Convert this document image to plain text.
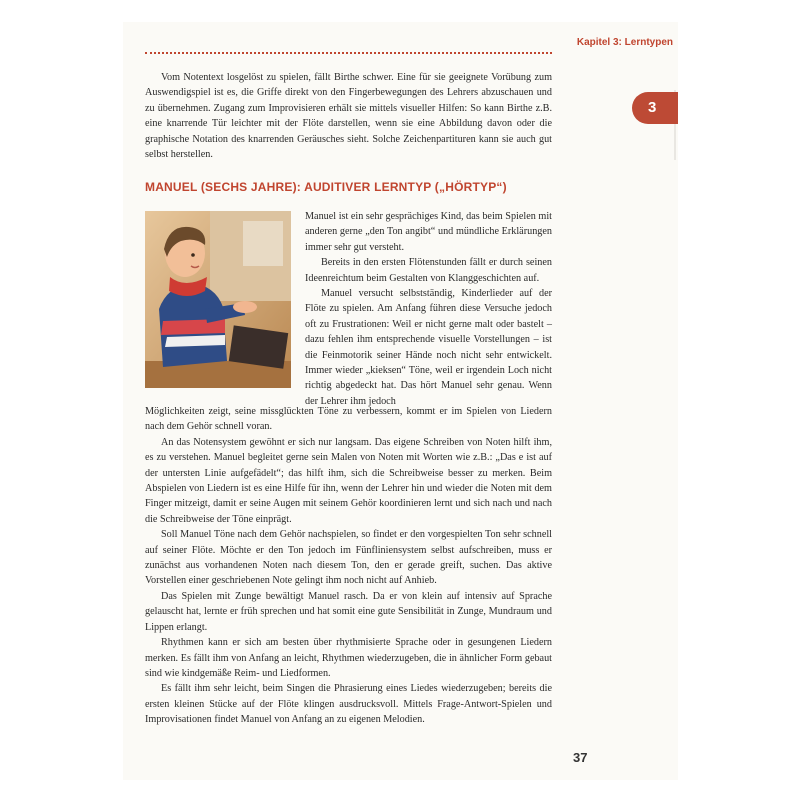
Kapitel 3: Lerntypen
3

Vom Notentext losgelöst zu spielen, fällt Birthe schwer. Eine für sie geeignete Vorübung zum Auswendigspiel ist es, die Griffe direkt von den Fingerbewegungen des Lehrers abzuschauen und zu übernehmen. Zugang zum Improvisieren erhält sie mittels visueller Hilfen: So kann Birthe z.B. eine knarrende Tür leichter mit der Flöte darstellen, wenn sie eine Abbildung davon oder die graphische Notation des knarrenden Geräusches sieht. Solche Zeichenpartituren kann sie auch gut selbst herstellen.

MANUEL (SECHS JAHRE): AUDITIVER LERNTYP („HÖRTYP“)

Manuel ist ein sehr gesprächiges Kind, das beim Spielen mit anderen gerne „den Ton angibt“ und mündliche Erklärungen immer sehr gut versteht.

Bereits in den ersten Flötenstunden fällt er durch seinen Ideenreichtum beim Gestalten von Klanggeschichten auf.

Manuel versucht selbstständig, Kinderlieder auf der Flöte zu spielen. Am Anfang führen diese Versuche jedoch oft zu Frustrationen: Weil er nicht gerne malt oder bastelt – dazu fehlen ihm entsprechende visuelle Vorstellungen – ist die Feinmotorik seiner Hände noch nicht sehr entwickelt. Immer wieder „kieksen“ Töne, weil er irgendein Loch nicht richtig abgedeckt hat. Das hört Manuel sehr genau. Wenn der Lehrer ihm jedoch

Möglichkeiten zeigt, seine missglückten Töne zu verbessern, kommt er im Spielen von Liedern nach dem Gehör schnell voran.

An das Notensystem gewöhnt er sich nur langsam. Das eigene Schreiben von Noten hilft ihm, es zu verstehen. Manuel begleitet gerne sein Malen von Noten mit Worten wie z.B.: „Das e ist auf der untersten Linie aufgefädelt“; das hilft ihm, sich die Schreibweise besser zu merken. Beim Abspielen von Liedern ist es eine Hilfe für ihn, wenn der Lehrer hin und wieder die Noten mit dem Finger mitzeigt, damit er seine Augen mit seinem Gehör koordinieren lernt und sich nach und nach die Schreibweise der Töne einprägt.

Soll Manuel Töne nach dem Gehör nachspielen, so findet er den vorgespielten Ton sehr schnell auf seiner Flöte. Möchte er den Ton jedoch im Fünfliniensystem selbst aufschreiben, muss er zunächst aus vorhandenen Noten nach diesem Ton, den er gerade greift, suchen. Das aktive Vorstellen einer geschriebenen Note gelingt ihm noch nicht auf Anhieb.

Das Spielen mit Zunge bewältigt Manuel rasch. Da er von klein auf intensiv auf Sprache gelauscht hat, lernte er früh sprechen und hat somit eine gute Sensibilität in Zunge, Mundraum und Lippen erlangt.

Rhythmen kann er sich am besten über rhythmisierte Sprache oder in gesungenen Liedern merken. Es fällt ihm von Anfang an leicht, Rhythmen wiederzugeben, die in ähnlicher Form gebaut sind wie kindgemäße Reim- und Liedformen.

Es fällt ihm sehr leicht, beim Singen die Phrasierung eines Liedes wiederzugeben; bereits die ersten kleinen Stücke auf der Flöte klingen ausdrucksvoll. Mittels Frage-Antwort-Spielen und Improvisationen findet Manuel von Anfang an zu eigenen Melodien.

37
